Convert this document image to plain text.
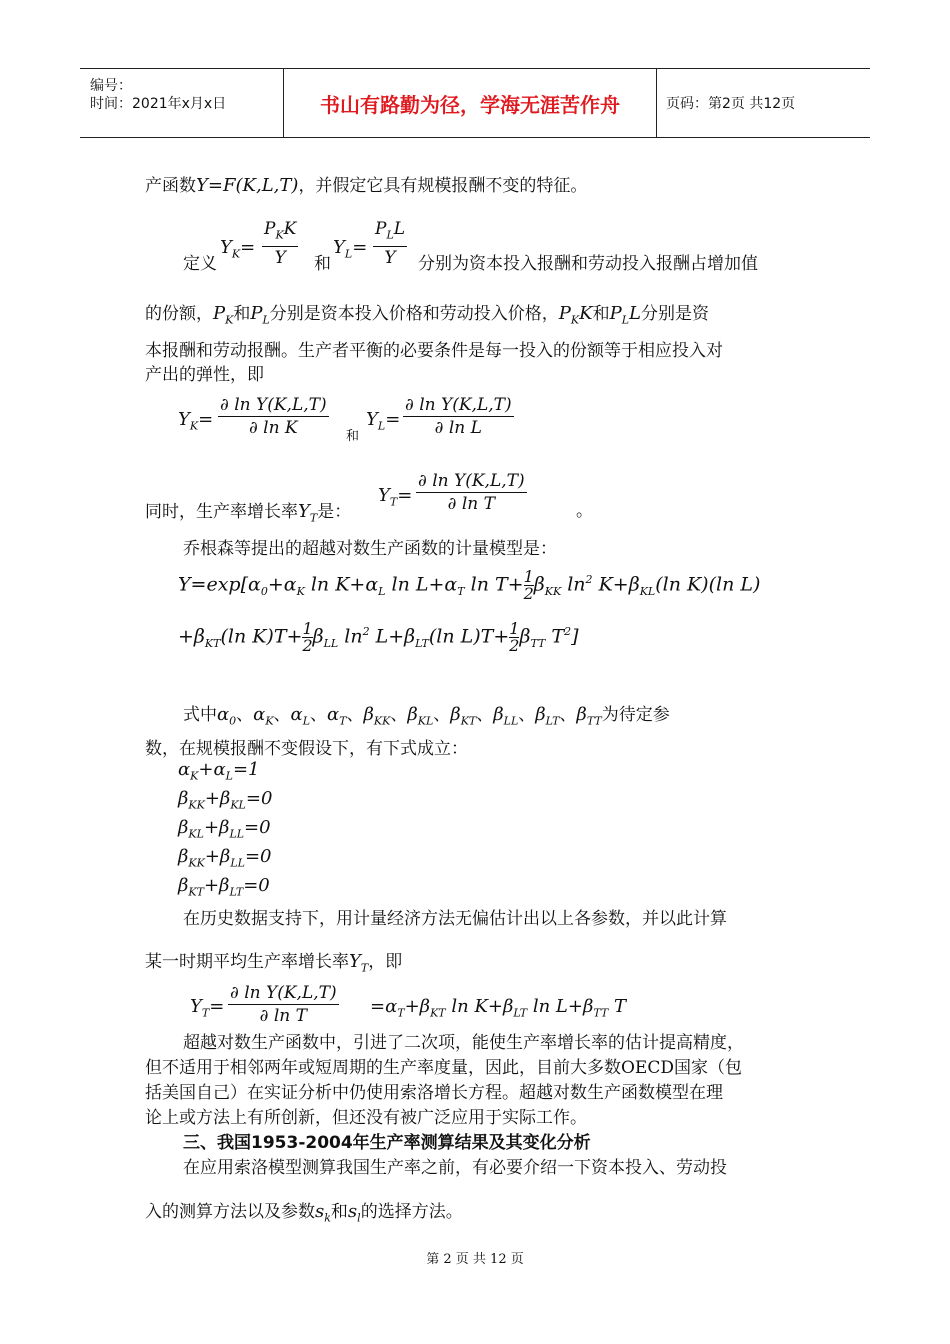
编号：
时间：2021年x月x日	书山有路勤为径，学海无涯苦作舟	页码：第2页 共12页
产函数Y=F(K,L,T)，并假定它具有规模报酬不变的特征。
定义
$Y_K=$
$P_KK$
Y	和
$Y_L=$
$P_LL$
Y	分别为资本投入报酬和劳动投入报酬占增加值
的份额，$P_K$和$P_L$分别是资本投入价格和劳动投入价格，$P_KK$和$P_LL$分别是资
本报酬和劳动报酬。生产者平衡的必要条件是每一投入的份额等于相应投入对
产出的弹性，即
$Y_K= \frac{\text{∂ ln Y(K,L,T)}}{\text{∂ ln K}}$ 和
$Y_L= \frac{\text{∂ ln Y(K,L,T)}}{\text{∂ ln L}}$
同时，生产率增长率$Y_T$是：
$Y_T= \frac{\text{∂ ln Y(K,L,T)}}{\text{∂ ln T}}$	。
乔根森等提出的超越对数生产函数的计量模型是：
$Y=\exp[\alpha_0+\alpha_K$ $\ln K+\alpha_L$ $\ln L+\alpha_T$ $\ln T+ \frac{1}{2} \beta_{KK}$ $\ln^2 K+\beta_{KL}(\ln$ K)(ln L)
$+\beta_{KT}(\ln$ $K)T+ \frac{1}{2} \beta_{LL}$ $\ln^2 L+\beta_{LT}(\ln$ $L)T+ \frac{1}{2} \beta_{TT}$ $T^2$]
式中$\alpha_0$、$\alpha_K$、$\alpha_L$、$\alpha_T$、$\beta_{KK}$、$\beta_{KL}$、$\beta_{KT}$、$\beta_{LL}$、$\beta_{LT}$、$\beta_{TT}$为待定参
数，在规模报酬不变假设下，有下式成立：
$\alpha_K+\alpha_L=1$
$\beta_{KK}+\beta_{KL}=0$
$\beta_{KL}+\beta_{LL}=0$
$\beta_{KK}+\beta_{LL}=0$
$\beta_{KT}+\beta_{LT}=0$
在历史数据支持下，用计量经济方法无偏估计出以上各参数，并以此计算
某一时期平均生产率增长率$Y_T$，即
$Y_T= \frac{\text{∂ ln Y(K,L,T)}}{\text{∂ ln T}} =\alpha_T+\beta_{KT}$ $\ln K+\beta_{LT}$ $\ln L+\beta_{TT}$ T
超越对数生产函数中，引进了二次项，能使生产率增长率的估计提高精度，
但不适用于相邻两年或短周期的生产率度量，因此，目前大多数OECD国家（包
括美国自己）在实证分析中仍使用索洛增长方程。超越对数生产函数模型在理
论上或方法上有所创新，但还没有被广泛应用于实际工作。
三、我国1953-2004年生产率测算结果及其变化分析
在应用索洛模型测算我国生产率之前，有必要介绍一下资本投入、劳动投
入的测算方法以及参数$s_k$和$s_l$的选择方法。
第 2 页 共 12 页
